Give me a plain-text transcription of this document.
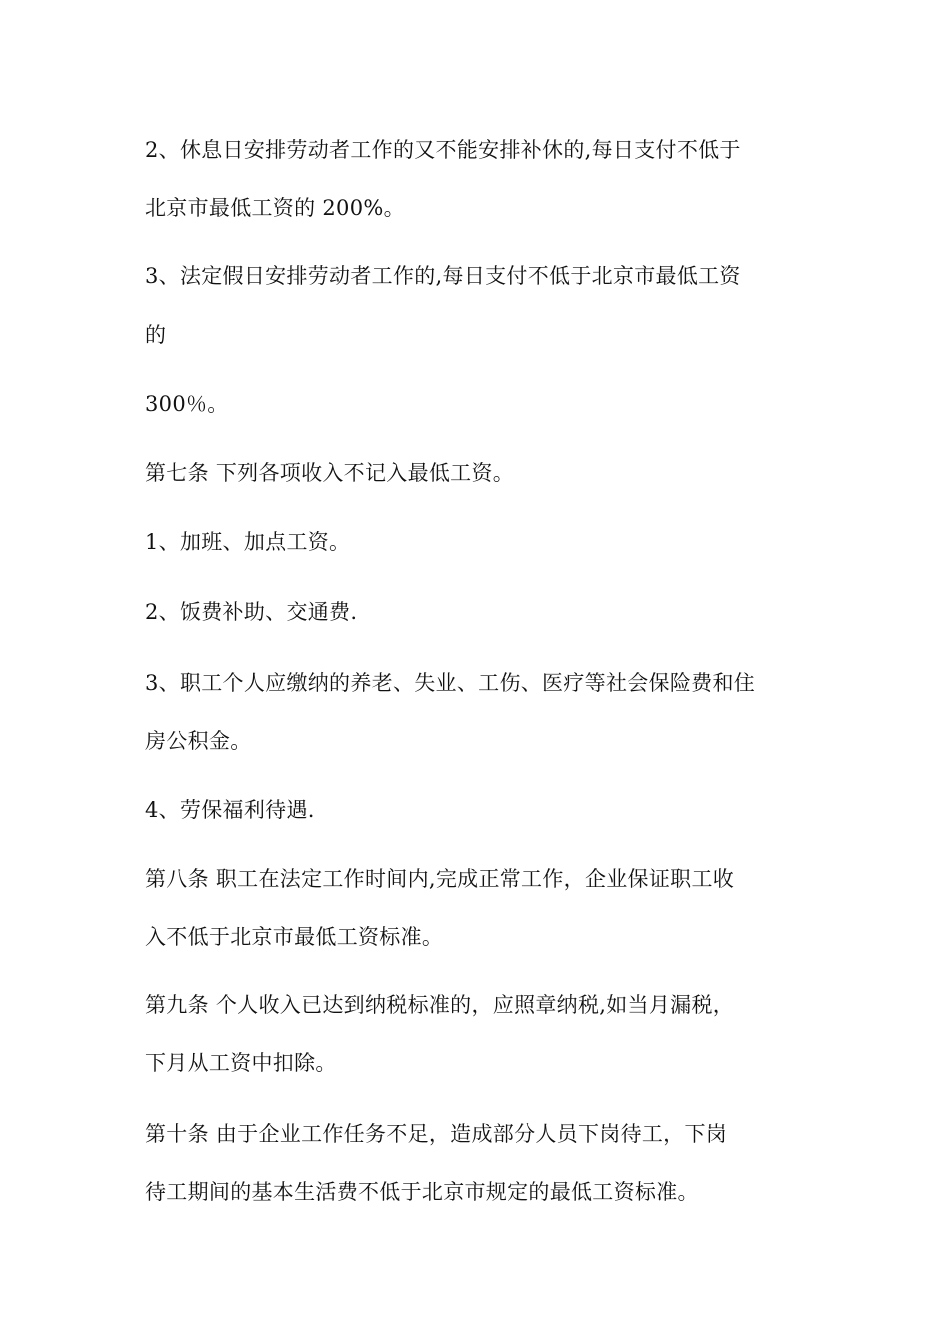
2、休息日安排劳动者工作的又不能安排补休的,每日支付不低于

北京市最低工资的 200%。

3、法定假日安排劳动者工作的,每日支付不低于北京市最低工资

的

300％。

第七条 下列各项收入不记入最低工资。

1、加班、加点工资。

2、饭费补助、交通费.

3、职工个人应缴纳的养老、失业、工伤、医疗等社会保险费和住

房公积金。

4、劳保福利待遇.

第八条 职工在法定工作时间内,完成正常工作，企业保证职工收

入不低于北京市最低工资标准。

第九条 个人收入已达到纳税标准的，应照章纳税,如当月漏税，

下月从工资中扣除。

第十条 由于企业工作任务不足，造成部分人员下岗待工，下岗

待工期间的基本生活费不低于北京市规定的最低工资标准。
